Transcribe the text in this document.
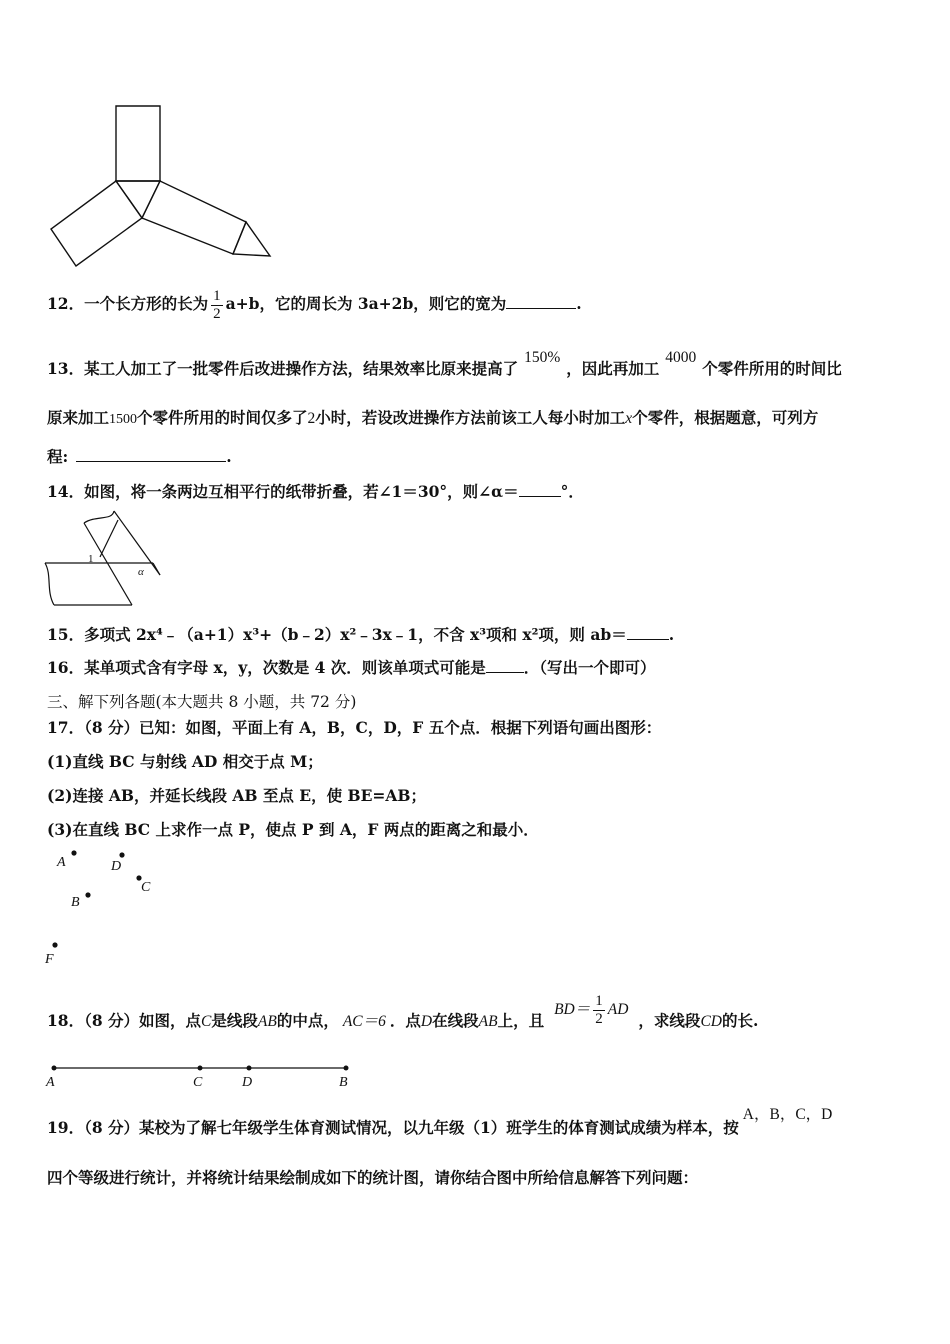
12．一个长方形的长为 $\frac{1}{2} a+b$，它的周长为 3a+2b，则它的宽为	.
13．某工人加工了一批零件后改进操作方法，结果效率比原来提高了150%，因此再加工4000个零件所用的时间比
原来加工1500个零件所用的时间仅多了2小时，若设改进操作方法前该工人每小时加工x个零件，根据题意，可列方
程:	.
14．如图，将一条两边互相平行的纸带折叠，若∠1＝30°，则∠α＝	°．
1
α
15．多项式 2x⁴﹣（a+1）x³+（b﹣2）x²﹣3x﹣1，不含 x³项和 x²项，则 ab＝	.
16．某单项式含有字母 x，y，次数是 4 次．则该单项式可能是 ．（写出一个即可）
三、解下列各题(本大题共 8 小题，共 72 分)
17．（8 分）已知：如图，平面上有 A，B，C，D，F 五个点．根据下列语句画出图形：
(1)直线 BC 与射线 AD 相交于点 M；
(2)连接 AB，并延长线段 AB 至点 E，使 BE=AB；
(3)在直线 BC 上求作一点 P，使点 P 到 A，F 两点的距离之和最小．
A	D
C
B
F
18．（8 分）如图，点C是线段AB的中点， AC＝6 ．点D在线段AB上，且$BD= \frac{1}{2}$ AD，求线段CD的长.
A	C	D	B
19．（8 分）某校为了解七年级学生体育测试情况，以九年级（1）班学生的体育测试成绩为样本，按A，B，C，D
四个等级进行统计，并将统计结果绘制成如下的统计图，请你结合图中所给信息解答下列问题：
